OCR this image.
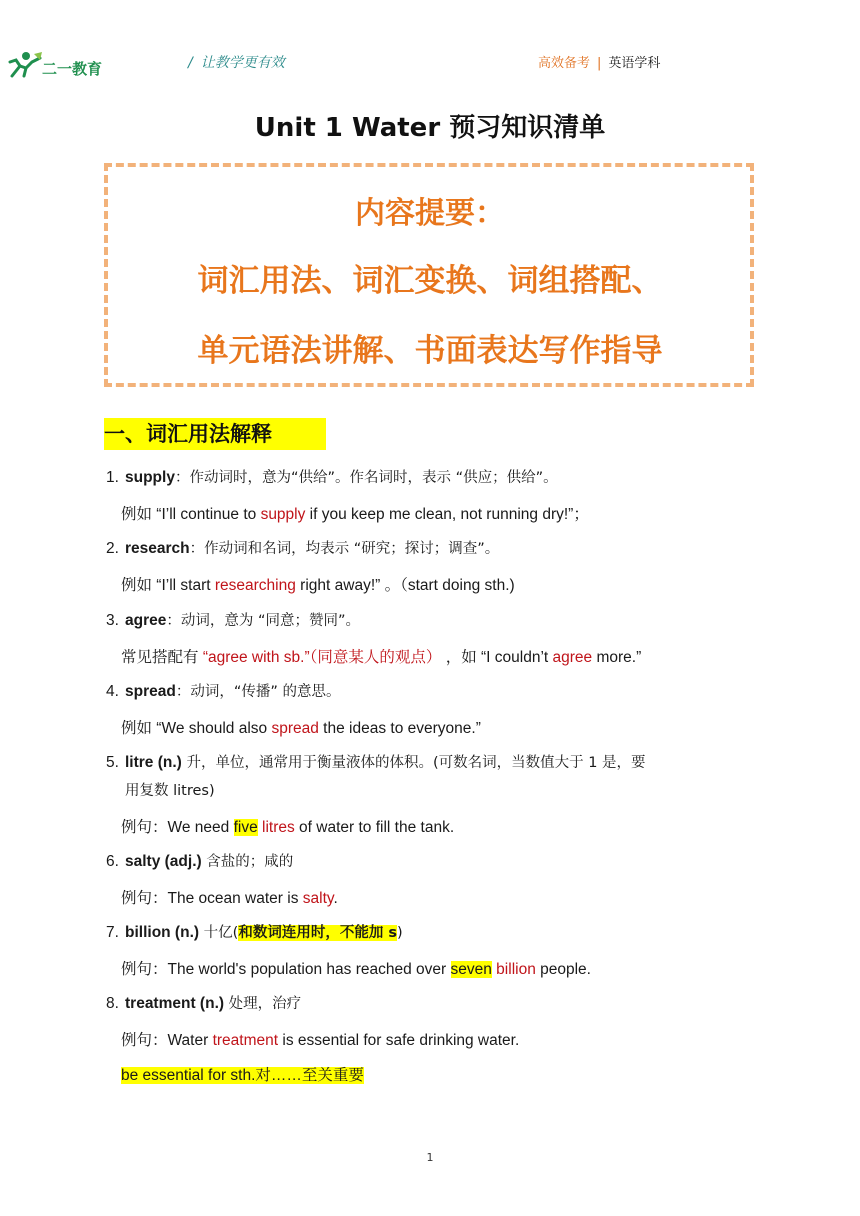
二一教育	/ 让教学更有效	高效备考 | 英语学科
Unit 1 Water 预习知识清单
内容提要：
词汇用法、词汇变换、词组搭配、
单元语法讲解、书面表达写作指导
一、词汇用法解释
1. supply：作动词时，意为“供给”。作名词时，表示 “供应；供给”。
例如 “I’ll continue to supply if you keep me clean, not running dry!”；
2. research：作动词和名词，均表示 “研究；探讨；调查”。
例如 “I’ll start researching right away!” 。（start doing sth.)
3. agree：动词，意为 “同意；赞同”。
常见搭配有 “agree with sb.”（同意某人的观点） ，如 “I couldn’t agree more.”
4. spread：动词，“传播” 的意思。
例如 “We should also spread the ideas to everyone.”
5. litre (n.) 升，单位，通常用于衡量液体的体积。(可数名词，当数值大于 1 是，要
用复数 litres)
例句：We need five litres of water to fill the tank.
6. salty (adj.) 含盐的；咸的
例句：The ocean water is salty.
7. billion (n.) 十亿(和数词连用时，不能加 s)
例句：The world's population has reached over seven billion people.
8. treatment (n.) 处理，治疗
例句：Water treatment is essential for safe drinking water.
be essential for sth.对……至关重要
1
